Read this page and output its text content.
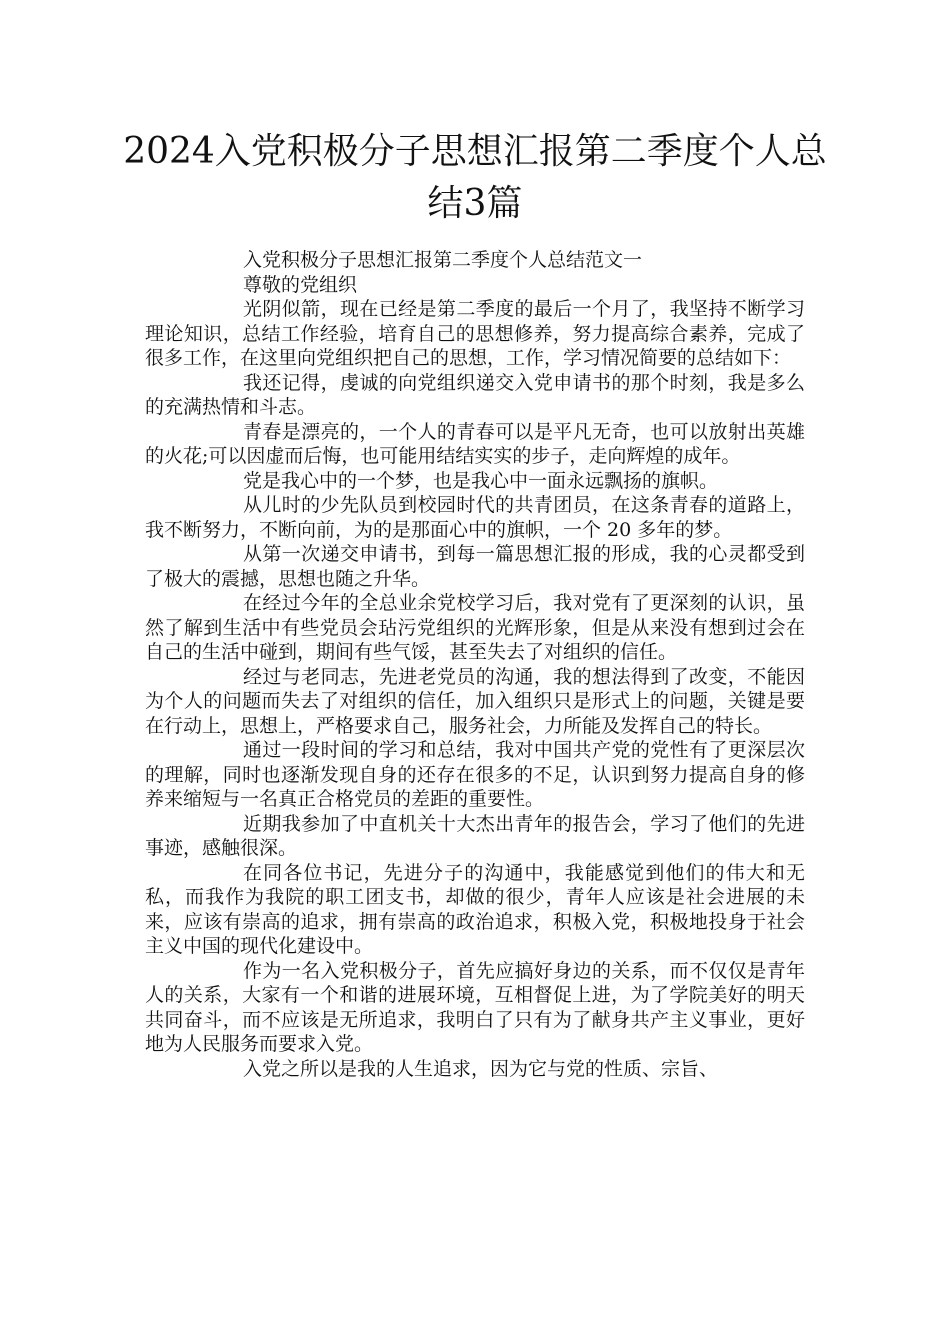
2024入党积极分子思想汇报第二季度个人总结3篇

入党积极分子思想汇报第二季度个人总结范文一

尊敬的党组织

光阴似箭，现在已经是第二季度的最后一个月了，我坚持不断学习理论知识，总结工作经验，培育自己的思想修养，努力提高综合素养，完成了很多工作，在这里向党组织把自己的思想，工作，学习情况简要的总结如下：

我还记得，虔诚的向党组织递交入党申请书的那个时刻，我是多么的充满热情和斗志。

青春是漂亮的，一个人的青春可以是平凡无奇，也可以放射出英雄的火花;可以因虚而后悔，也可能用结结实实的步子，走向辉煌的成年。

党是我心中的一个梦，也是我心中一面永远飘扬的旗帜。

从儿时的少先队员到校园时代的共青团员，在这条青春的道路上，我不断努力，不断向前，为的是那面心中的旗帜，一个 20 多年的梦。

从第一次递交申请书，到每一篇思想汇报的形成，我的心灵都受到了极大的震撼，思想也随之升华。

在经过今年的全总业余党校学习后，我对党有了更深刻的认识，虽然了解到生活中有些党员会玷污党组织的光辉形象，但是从来没有想到过会在自己的生活中碰到，期间有些气馁，甚至失去了对组织的信任。

经过与老同志，先进老党员的沟通，我的想法得到了改变，不能因为个人的问题而失去了对组织的信任，加入组织只是形式上的问题，关键是要在行动上，思想上，严格要求自己，服务社会，力所能及发挥自己的特长。

通过一段时间的学习和总结，我对中国共产党的党性有了更深层次的理解，同时也逐渐发现自身的还存在很多的不足，认识到努力提高自身的修养来缩短与一名真正合格党员的差距的重要性。

近期我参加了中直机关十大杰出青年的报告会，学习了他们的先进事迹，感触很深。

在同各位书记，先进分子的沟通中，我能感觉到他们的伟大和无私，而我作为我院的职工团支书，却做的很少，青年人应该是社会进展的未来，应该有崇高的追求，拥有崇高的政治追求，积极入党，积极地投身于社会主义中国的现代化建设中。

作为一名入党积极分子，首先应搞好身边的关系，而不仅仅是青年人的关系，大家有一个和谐的进展环境，互相督促上进，为了学院美好的明天共同奋斗，而不应该是无所追求，我明白了只有为了献身共产主义事业，更好地为人民服务而要求入党。

入党之所以是我的人生追求，因为它与党的性质、宗旨、
